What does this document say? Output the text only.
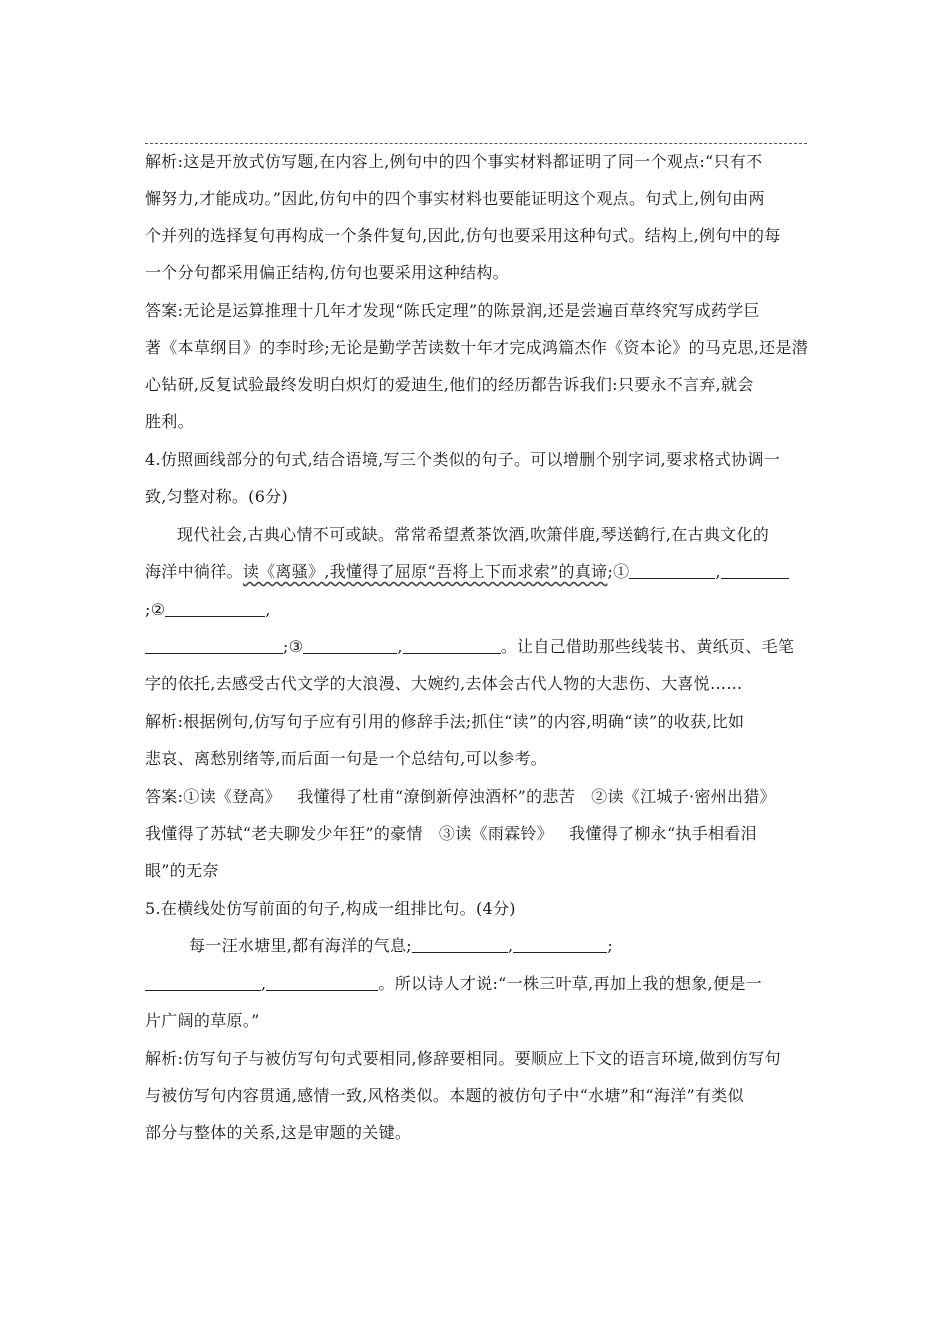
解析:这是开放式仿写题,在内容上,例句中的四个事实材料都证明了同一个观点:“只有不
懈努力,才能成功。”因此,仿句中的四个事实材料也要能证明这个观点。句式上,例句由两
个并列的选择复句再构成一个条件复句,因此,仿句也要采用这种句式。结构上,例句中的每
一个分句都采用偏正结构,仿句也要采用这种结构。
答案:无论是运算推理十几年才发现“陈氏定理”的陈景润,还是尝遍百草终究写成药学巨
著《本草纲目》的李时珍;无论是勤学苦读数十年才完成鸿篇杰作《资本论》的马克思,还是潜
心钻研,反复试验最终发明白炽灯的爱迪生,他们的经历都告诉我们:只要永不言弃,就会
胜利。
4.仿照画线部分的句式,结合语境,写三个类似的句子。可以增删个别字词,要求格式协调一
致,匀整对称。(6分)
现代社会,古典心情不可或缺。常常希望煮茶饮酒,吹箫伴鹿,琴送鹤行,在古典文化的
海洋中徜徉。读《离骚》,我懂得了屈原“吾将上下而求索”的真谛;①	,
;②	,
;③	,	。让自己借助那些线装书、黄纸页、毛笔
字的依托,去感受古代文学的大浪漫、大婉约,去体会古代人物的大悲伤、大喜悦……
解析:根据例句,仿写句子应有引用的修辞手法;抓住“读”的内容,明确“读”的收获,比如
悲哀、离愁别绪等,而后面一句是一个总结句,可以参考。
答案:①读《登高》   我懂得了杜甫“潦倒新停浊酒杯”的悲苦   ②读《江城子·密州出猎》
我懂得了苏轼“老夫聊发少年狂”的豪情   ③读《雨霖铃》   我懂得了柳永“执手相看泪
眼”的无奈
5.在横线处仿写前面的句子,构成一组排比句。(4分)
每一汪水塘里,都有海洋的气息;	,	;
,	。所以诗人才说:“一株三叶草,再加上我的想象,便是一
片广阔的草原。”
解析:仿写句子与被仿写句句式要相同,修辞要相同。要顺应上下文的语言环境,做到仿写句
与被仿写句内容贯通,感情一致,风格类似。本题的被仿句子中“水塘”和“海洋”有类似
部分与整体的关系,这是审题的关键。
